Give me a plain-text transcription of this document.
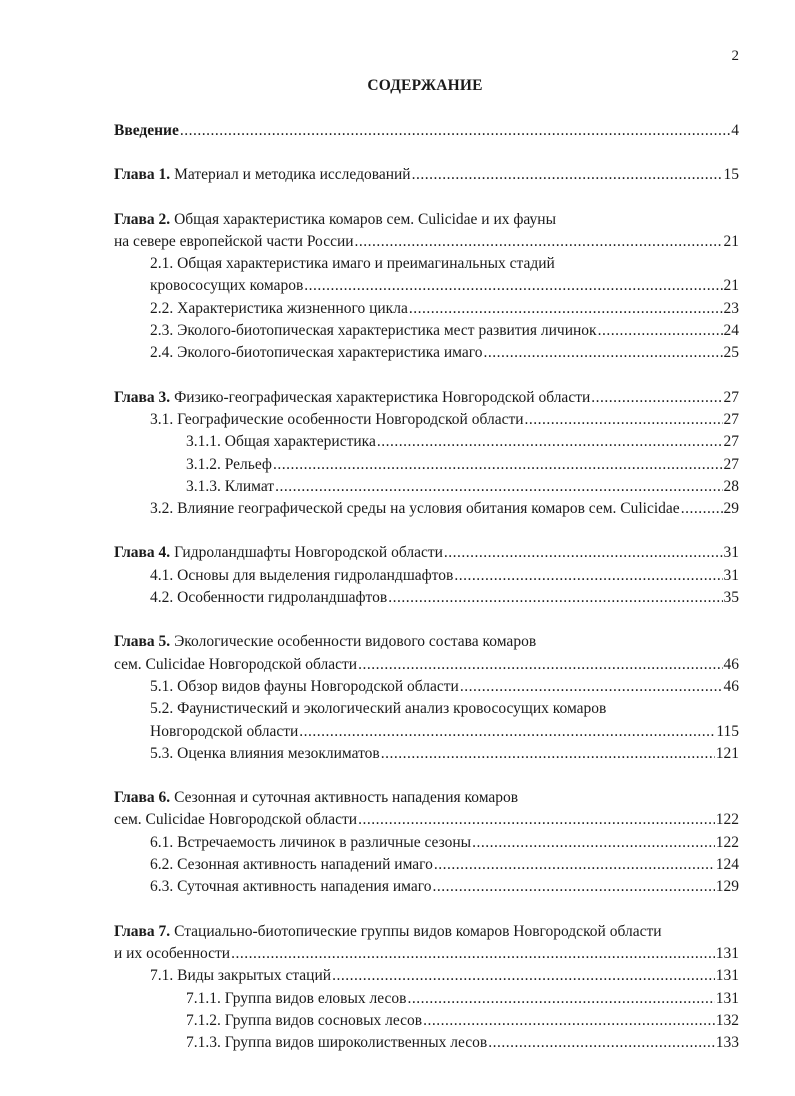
2
СОДЕРЖАНИЕ
Введение .....	4
Глава 1. Материал и методика исследований .....	15
Глава 2. Общая характеристика комаров сем. Culicidae и их фауны
на севере европейской части России .....	21
2.1. Общая характеристика имаго и преимагинальных стадий
кровососущих комаров .....	21
2.2. Характеристика жизненного цикла .....	23
2.3. Эколого-биотопическая характеристика мест развития личинок .....	24
2.4. Эколого-биотопическая характеристика имаго .....	25
Глава 3. Физико-географическая характеристика Новгородской области .....	27
3.1. Географические особенности Новгородской области .....	27
3.1.1. Общая характеристика .....	27
3.1.2. Рельеф .....	27
3.1.3. Климат .....	28
3.2. Влияние географической среды на условия обитания комаров сем. Culicidae .....	29
Глава 4. Гидроландшафты Новгородской области .....	31
4.1. Основы для выделения гидроландшафтов .....	31
4.2. Особенности гидроландшафтов .....	35
Глава 5. Экологические особенности видового состава комаров
сем. Culicidae Новгородской области .....	46
5.1. Обзор видов фауны Новгородской области .....	46
5.2. Фаунистический и экологический анализ кровососущих комаров
Новгородской области .....	115
5.3. Оценка влияния мезоклиматов .....	121
Глава 6. Сезонная и суточная активность нападения комаров
сем. Culicidae Новгородской области .....	122
6.1. Встречаемость личинок в различные сезоны .....	122
6.2. Сезонная активность нападений имаго .....	124
6.3. Суточная активность нападения имаго .....	129
Глава 7. Стациально-биотопические группы видов комаров Новгородской области
и их особенности .....	131
7.1. Виды закрытых стаций .....	131
7.1.1. Группа видов еловых лесов .....	131
7.1.2. Группа видов сосновых лесов .....	132
7.1.3. Группа видов широколиственных лесов .....	133
